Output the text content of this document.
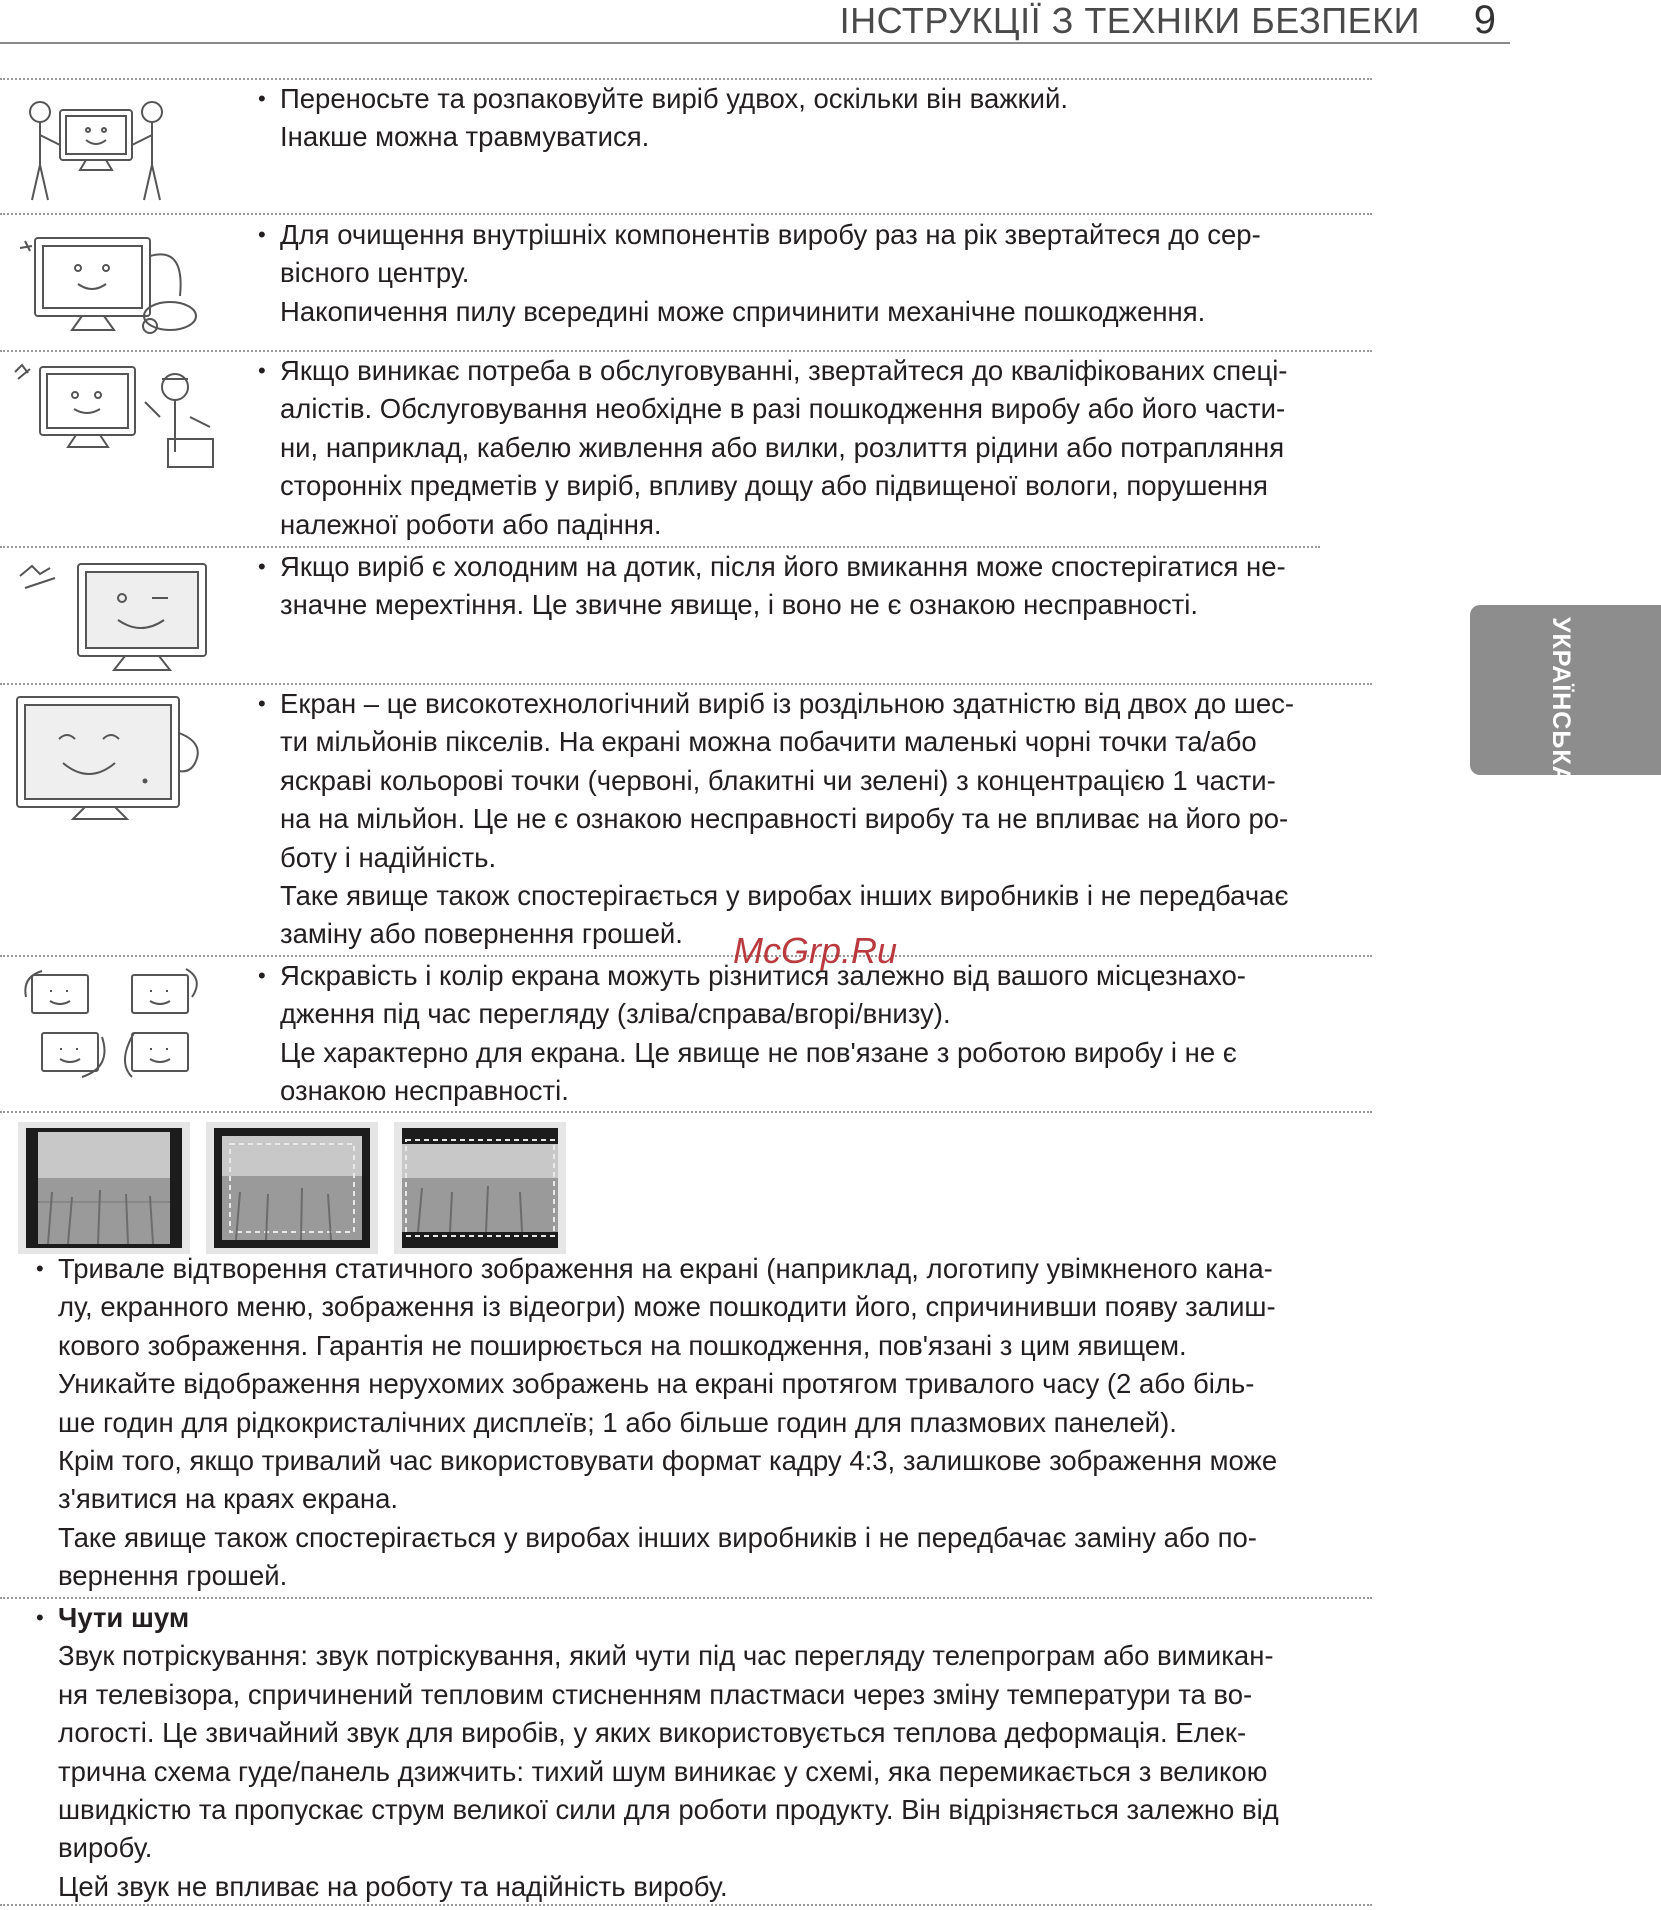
ІНСТРУКЦІЇ З ТЕХНІКИ БЕЗПЕКИ 9
УКРАЇНСЬКА

• Переносьте та розпаковуйте виріб удвох, оскільки він важкий.

Інакше можна травмуватися.

• Для очищення внутрішніх компонентів виробу раз на рік звертайтеся до сер-

вісного центру.

Накопичення пилу всередині може спричинити механічне пошкодження.

• Якщо виникає потреба в обслуговуванні, звертайтеся до кваліфікованих спеці-

алістів. Обслуговування необхідне в разі пошкодження виробу або його части-

ни, наприклад, кабелю живлення або вилки, розлиття рідини або потрапляння

сторонніх предметів у виріб, впливу дощу або підвищеної вологи, порушення

належної роботи або падіння.

• Якщо виріб є холодним на дотик, після його вмикання може спостерігатися не-

значне мерехтіння. Це звичне явище, і воно не є ознакою несправності.

• Екран – це високотехнологічний виріб із роздільною здатністю від двох до шес-

ти мільйонів пікселів. На екрані можна побачити маленькі чорні точки та/або

яскраві кольорові точки (червоні, блакитні чи зелені) з концентрацією 1 части-

на на мільйон. Це не є ознакою несправності виробу та не впливає на його ро-

боту і надійність.

Таке явище також спостерігається у виробах інших виробників і не передбачає

заміну або повернення грошей.	McGrp.Ru

• Яскравість і колір екрана можуть різнитися залежно від вашого місцезнахо-

дження під час перегляду (зліва/справа/вгорі/внизу).

Це характерно для екрана. Це явище не пов'язане з роботою виробу і не є

ознакою несправності.

• Тривале відтворення статичного зображення на екрані (наприклад, логотипу увімкненого кана-

лу, екранного меню, зображення із відеогри) може пошкодити його, спричинивши появу залиш-

кового зображення. Гарантія не поширюється на пошкодження, пов'язані з цим явищем.

Уникайте відображення нерухомих зображень на екрані протягом тривалого часу (2 або біль-

ше годин для рідкокристалічних дисплеїв; 1 або більше годин для плазмових панелей).

Крім того, якщо тривалий час використовувати формат кадру 4:3, залишкове зображення може

з'явитися на краях екрана.

Таке явище також спостерігається у виробах інших виробників і не передбачає заміну або по-

вернення грошей.

• Чути шум

Звук потріскування: звук потріскування, який чути під час перегляду телепрограм або вимикан-

ня телевізора, спричинений тепловим стисненням пластмаси через зміну температури та во-

логості. Це звичайний звук для виробів, у яких використовується теплова деформація. Елек-

трична схема гуде/панель дзижчить: тихий шум виникає у схемі, яка перемикається з великою

швидкістю та пропускає струм великої сили для роботи продукту. Він відрізняється залежно від

виробу.

Цей звук не впливає на роботу та надійність виробу.
